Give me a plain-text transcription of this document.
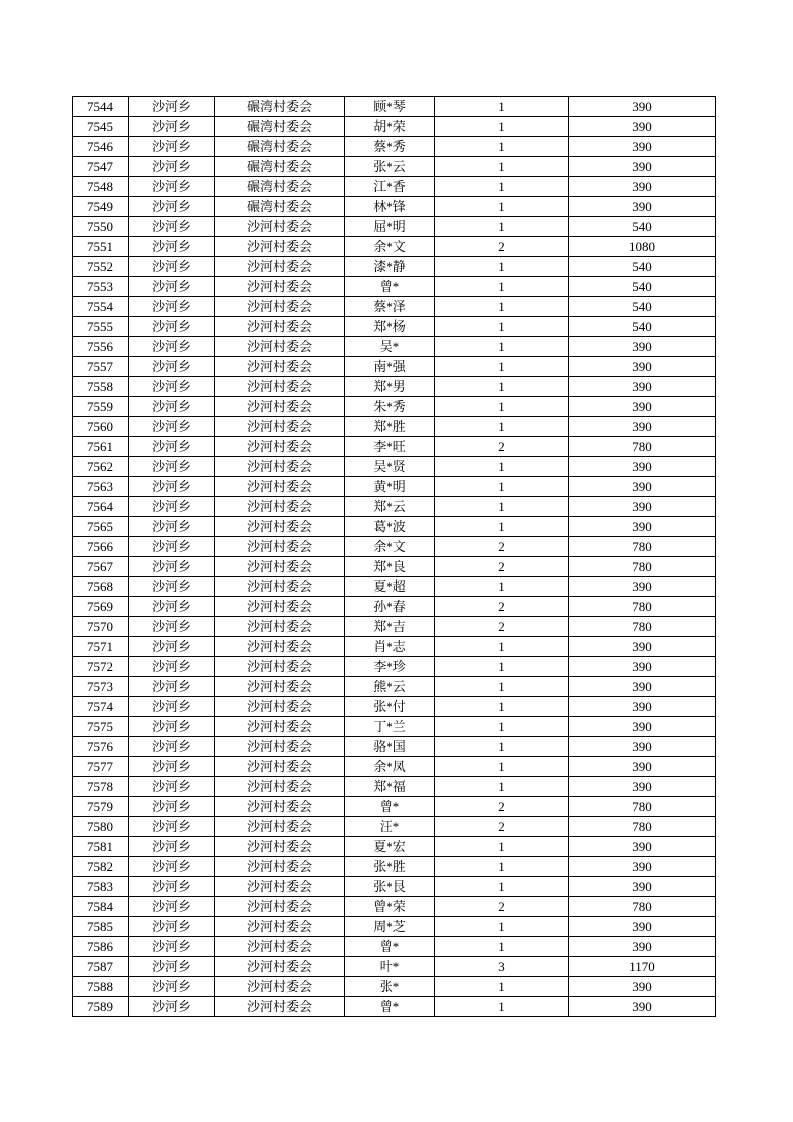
7544	沙河乡	碾湾村委会	顾*琴	1	390
7545	沙河乡	碾湾村委会	胡*荣	1	390
7546	沙河乡	碾湾村委会	蔡*秀	1	390
7547	沙河乡	碾湾村委会	张*云	1	390
7548	沙河乡	碾湾村委会	江*香	1	390
7549	沙河乡	碾湾村委会	林*锋	1	390
7550	沙河乡	沙河村委会	屈*明	1	540
7551	沙河乡	沙河村委会	余*文	2	1080
7552	沙河乡	沙河村委会	漆*静	1	540
7553	沙河乡	沙河村委会	曾*	1	540
7554	沙河乡	沙河村委会	蔡*泽	1	540
7555	沙河乡	沙河村委会	郑*杨	1	540
7556	沙河乡	沙河村委会	吴*	1	390
7557	沙河乡	沙河村委会	南*强	1	390
7558	沙河乡	沙河村委会	郑*男	1	390
7559	沙河乡	沙河村委会	朱*秀	1	390
7560	沙河乡	沙河村委会	郑*胜	1	390
7561	沙河乡	沙河村委会	李*旺	2	780
7562	沙河乡	沙河村委会	吴*贤	1	390
7563	沙河乡	沙河村委会	黄*明	1	390
7564	沙河乡	沙河村委会	郑*云	1	390
7565	沙河乡	沙河村委会	葛*波	1	390
7566	沙河乡	沙河村委会	余*文	2	780
7567	沙河乡	沙河村委会	郑*良	2	780
7568	沙河乡	沙河村委会	夏*超	1	390
7569	沙河乡	沙河村委会	孙*春	2	780
7570	沙河乡	沙河村委会	郑*吉	2	780
7571	沙河乡	沙河村委会	肖*志	1	390
7572	沙河乡	沙河村委会	李*珍	1	390
7573	沙河乡	沙河村委会	熊*云	1	390
7574	沙河乡	沙河村委会	张*付	1	390
7575	沙河乡	沙河村委会	丁*兰	1	390
7576	沙河乡	沙河村委会	骆*国	1	390
7577	沙河乡	沙河村委会	余*凤	1	390
7578	沙河乡	沙河村委会	郑*福	1	390
7579	沙河乡	沙河村委会	曾*	2	780
7580	沙河乡	沙河村委会	汪*	2	780
7581	沙河乡	沙河村委会	夏*宏	1	390
7582	沙河乡	沙河村委会	张*胜	1	390
7583	沙河乡	沙河村委会	张*艮	1	390
7584	沙河乡	沙河村委会	曾*荣	2	780
7585	沙河乡	沙河村委会	周*芝	1	390
7586	沙河乡	沙河村委会	曾*	1	390
7587	沙河乡	沙河村委会	叶*	3	1170
7588	沙河乡	沙河村委会	张*	1	390
7589	沙河乡	沙河村委会	曾*	1	390
